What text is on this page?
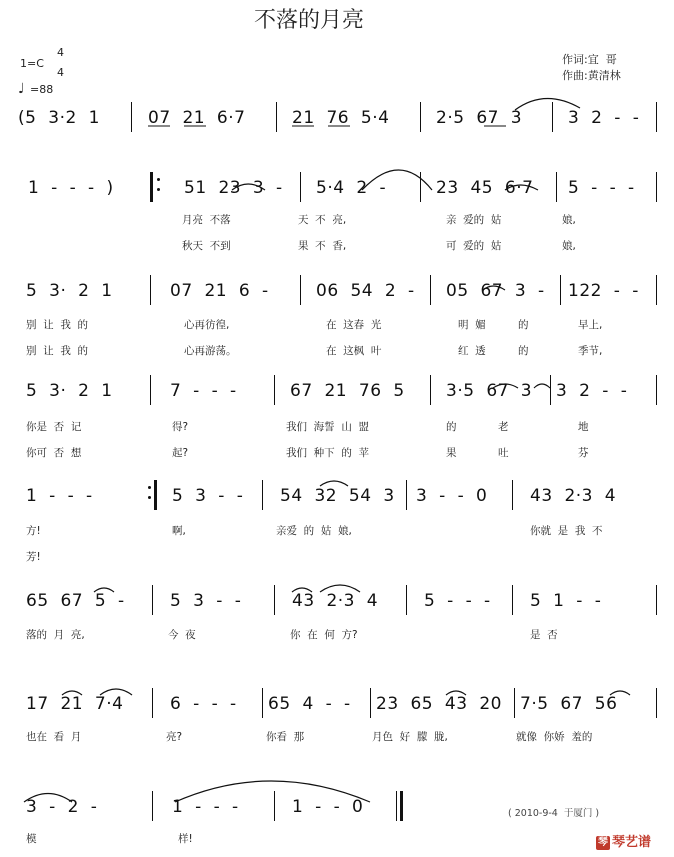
不落的月亮
1=C
4
4
♩ =88
作词:宜  哥
作曲:黄清林
(5  3·2  1	07  21  6·7	21  76  5·4	2·5  67  3	3  2  -  -
1  -  -  -  )	51  23  3  - 5·4  2  -	23  45  6·7 5  -  -  -
月亮  不落	天  不  亮,	亲  爱的  姑	娘,
秋天  不到	果  不  香,	可  爱的  姑	娘,
5  3·  2  1	07  21  6  -	06  54  2  - 05  67  3  - 122  -  -
别  让  我  的	心再彷徨,	在  这春  光	明  媚	的	早上,
别  让  我  的	心再游荡。	在  这枫  叶	红  透	的	季节,
5  3·  2  1	7  -  -  -	67  21  76  5 3·5  67  3 3  2  -  -
你是  否  记	得?	我们  海誓  山  盟	的	老	地
你可  否  想	起?	我们  种下  的  苹	果	吐	芬
1  -  -  -	5  3  -  - 54  32  54  3 3  -  -  0	43  2·3  4
方!	啊,	亲爱  的  姑  娘,	你就  是  我  不
芳!
65  67  5  -	5  3  -  -	43  2·3  4	5  -  -  - 5  1  -  -
落的  月  亮,	今  夜	你  在  何  方?	是  否
17  21  7·4	6  -  -  - 65  4  -  - 23  65  43  20 7·5  67  56
也在  看  月	亮?	你看  那	月色  好  朦  胧,	就像  你娇  羞的
3  -  2  -	1  -  -  -	1  -  -  0
模	样!
( 2010-9-4  于厦门 )
琴 琴艺谱
